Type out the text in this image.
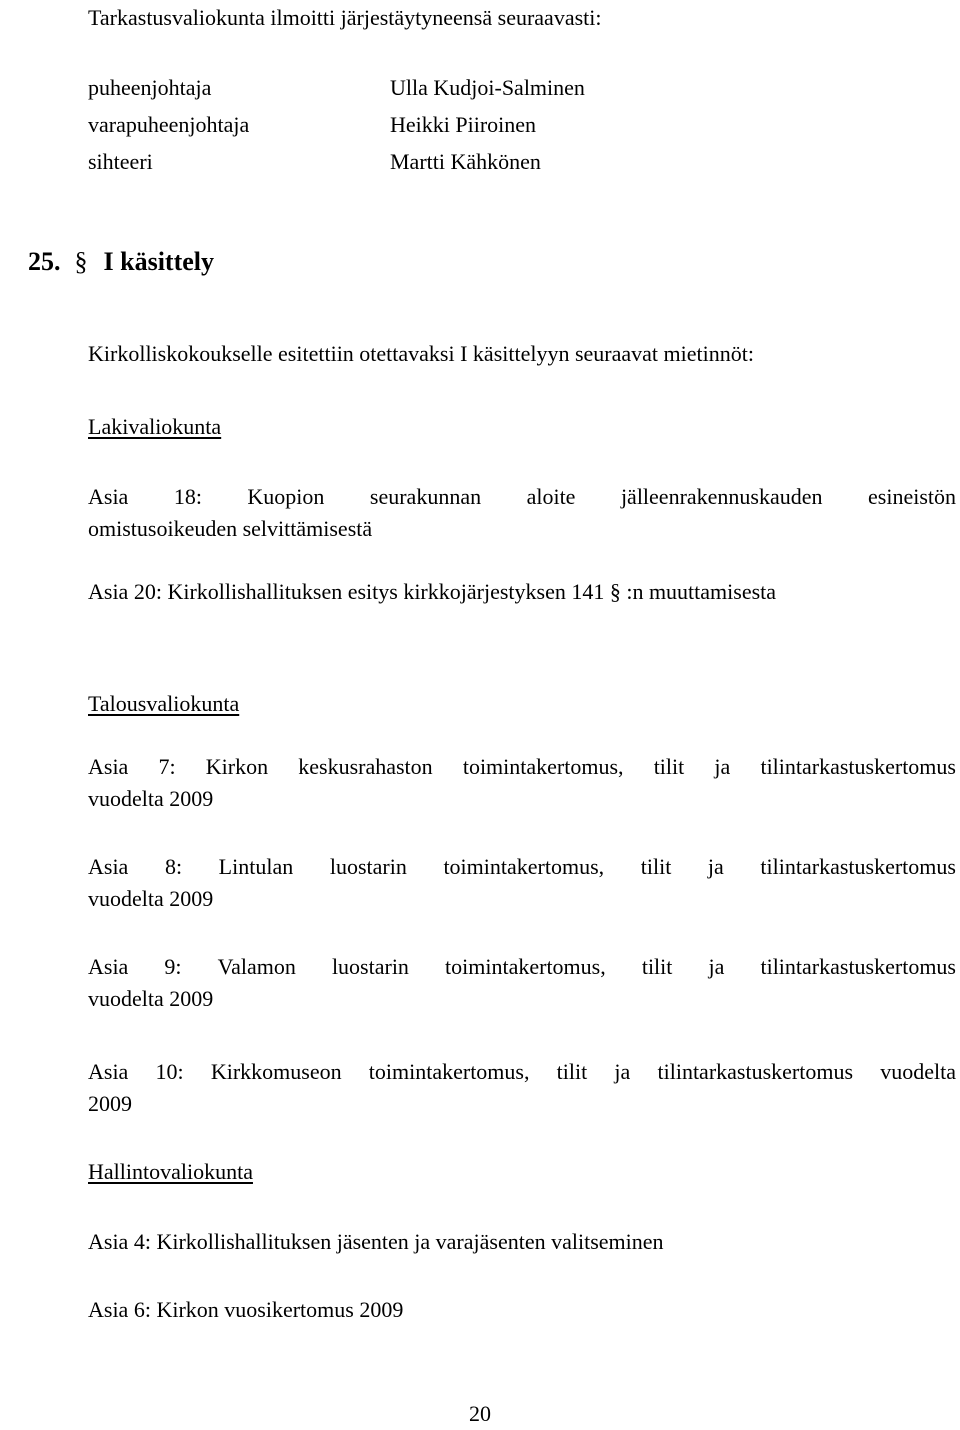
Tarkastusvaliokunta ilmoitti järjestäytyneensä seuraavasti:
puheenjohtaja	Ulla Kudjoi-Salminen
varapuheenjohtaja	Heikki Piiroinen
sihteeri	Martti Kähkönen
25. § I käsittely
Kirkolliskokoukselle esitettiin otettavaksi I käsittelyyn seuraavat mietinnöt:
Lakivaliokunta
Asia 18: Kuopion seurakunnan aloite jälleenrakennuskauden esineistön
omistusoikeuden selvittämisestä
Asia 20: Kirkollishallituksen esitys kirkkojärjestyksen 141 § :n muuttamisesta
Talousvaliokunta
Asia 7: Kirkon keskusrahaston toimintakertomus, tilit ja tilintarkastuskertomus
vuodelta 2009
Asia 8: Lintulan luostarin toimintakertomus, tilit ja tilintarkastuskertomus
vuodelta 2009
Asia 9: Valamon luostarin toimintakertomus, tilit ja tilintarkastuskertomus
vuodelta 2009
Asia 10: Kirkkomuseon toimintakertomus, tilit ja tilintarkastuskertomus vuodelta
2009
Hallintovaliokunta
Asia 4: Kirkollishallituksen jäsenten ja varajäsenten valitseminen
Asia 6: Kirkon vuosikertomus 2009
20
